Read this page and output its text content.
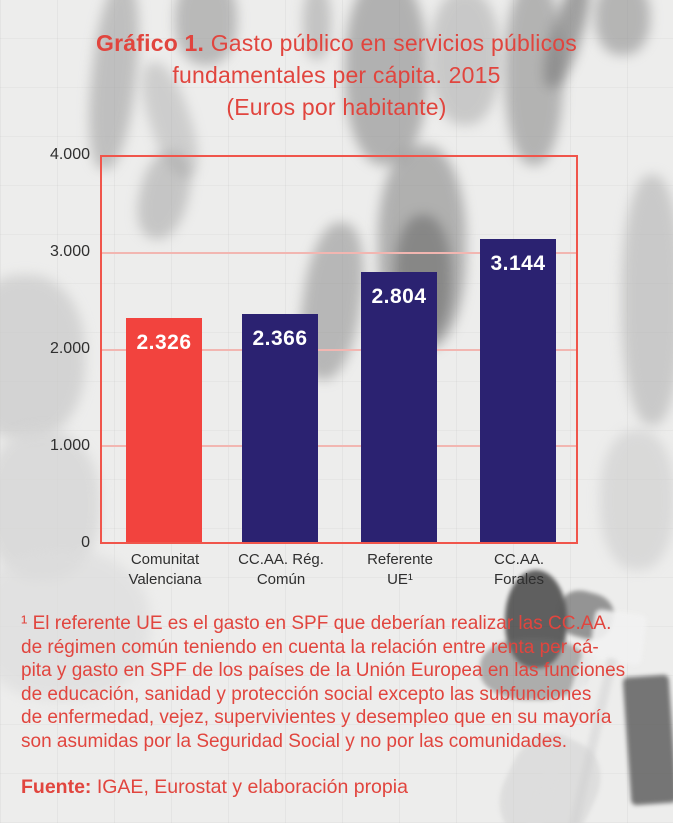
Gráfico 1. Gasto público en servicios públicos
fundamentales per cápita. 2015
(Euros por habitante)
4.000
3.000
2.000
1.000
0
2.326	2.366
2.804
3.144
Comunitat
Valenciana
CC.AA. Rég.
Común
Referente
UE¹
CC.AA.
Forales
¹ El referente UE es el gasto en SPF que deberían realizar las CC.AA.
de régimen común teniendo en cuenta la relación entre renta per cá-
pita y gasto en SPF de los países de la Unión Europea en las funciones
de educación, sanidad y protección social excepto las subfunciones
de enfermedad, vejez, supervivientes y desempleo que en su mayoría
son asumidas por la Seguridad Social y no por las comunidades.
Fuente: IGAE, Eurostat y elaboración propia
